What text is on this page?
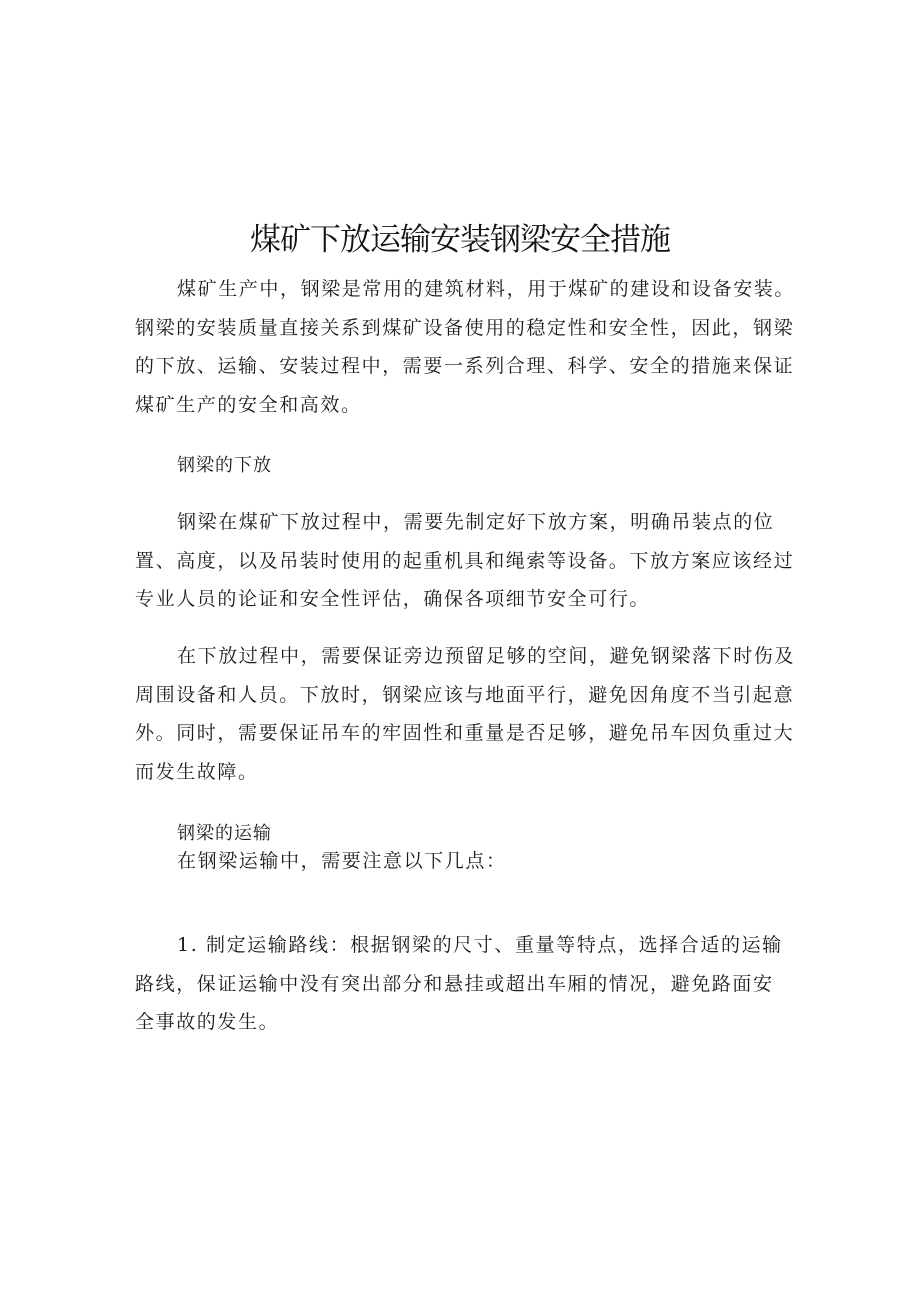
煤矿下放运输安装钢梁安全措施

煤矿生产中，钢梁是常用的建筑材料，用于煤矿的建设和设备安装。钢梁的安装质量直接关系到煤矿设备使用的稳定性和安全性，因此，钢梁的下放、运输、安装过程中，需要一系列合理、科学、安全的措施来保证煤矿生产的安全和高效。

钢梁的下放

钢梁在煤矿下放过程中，需要先制定好下放方案，明确吊装点的位置、高度，以及吊装时使用的起重机具和绳索等设备。下放方案应该经过专业人员的论证和安全性评估，确保各项细节安全可行。

在下放过程中，需要保证旁边预留足够的空间，避免钢梁落下时伤及周围设备和人员。下放时，钢梁应该与地面平行，避免因角度不当引起意外。同时，需要保证吊车的牢固性和重量是否足够，避免吊车因负重过大而发生故障。

钢梁的运输

在钢梁运输中，需要注意以下几点：

1. 制定运输路线：根据钢梁的尺寸、重量等特点，选择合适的运输路线，保证运输中没有突出部分和悬挂或超出车厢的情况，避免路面安全事故的发生。
